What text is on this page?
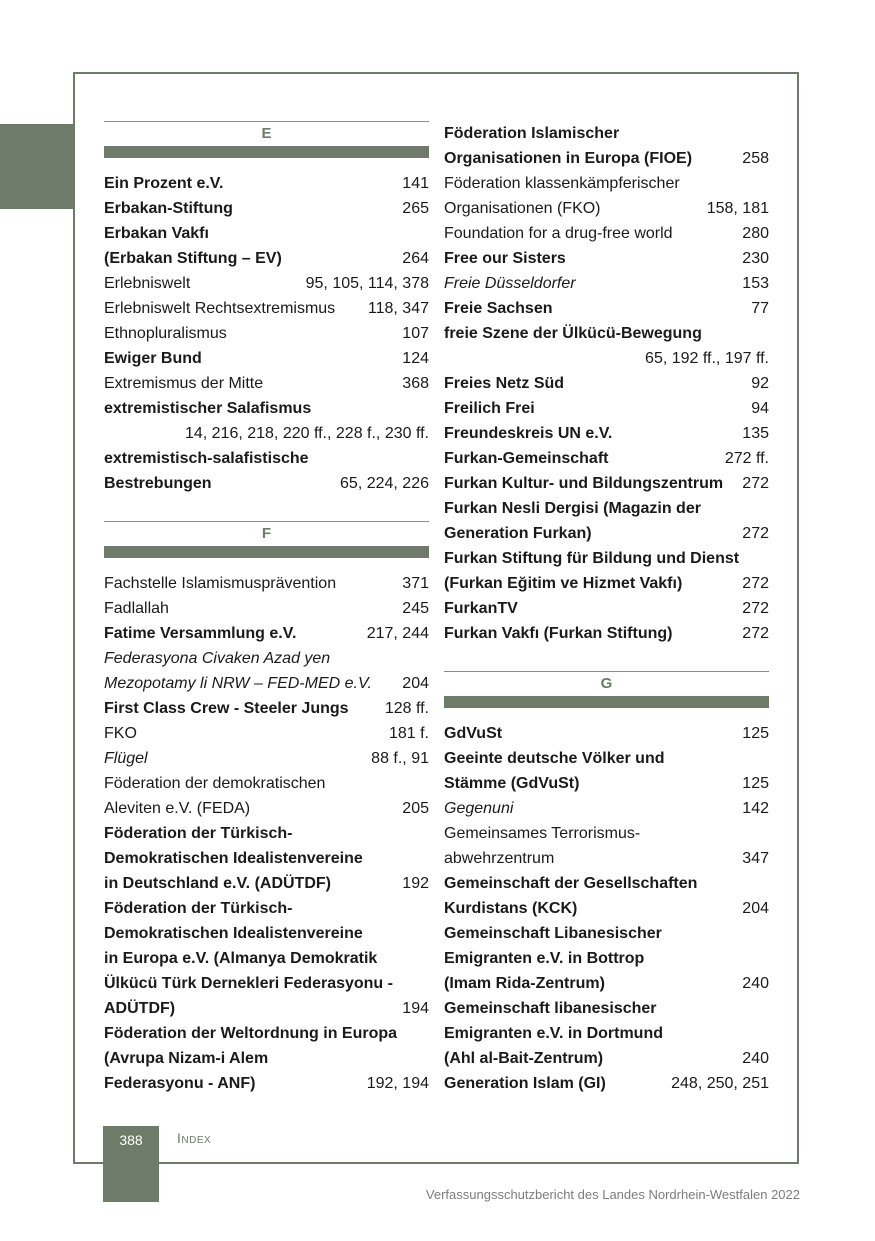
E
Ein Prozent e.V.	141
Erbakan-Stiftung	265
Erbakan Vakfı
(Erbakan Stiftung – EV)	264
Erlebniswelt	95, 105, 114, 378
Erlebniswelt Rechtsextremismus 118, 347
Ethnopluralismus	107
Ewiger Bund	124
Extremismus der Mitte	368
extremistischer Salafismus
14, 216, 218, 220 ff., 228 f., 230 ff.
extremistisch-salafistische
Bestrebungen	65, 224, 226
F
Fachstelle Islamismusprävention	371
Fadlallah	245
Fatime Versammlung e.V.	217, 244
Federasyona Civaken Azad yen
Mezopotamy li NRW – FED-MED e.V. 204
First Class Crew - Steeler Jungs 128 ff.
FKO	181 f.
Flügel	88 f., 91
Föderation der demokratischen
Aleviten e.V. (FEDA)	205
Föderation der Türkisch-
Demokratischen Idealistenvereine
in Deutschland e.V. (ADÜTDF)	192
Föderation der Türkisch-
Demokratischen Idealistenvereine
in Europa e.V. (Almanya Demokratik
Ülkücü Türk Dernekleri Federasyonu -
ADÜTDF)	194
Föderation der Weltordnung in Europa
(Avrupa Nizam-i Alem
Federasyonu - ANF)	192, 194
Föderation Islamischer
Organisationen in Europa (FIOE)	258
Föderation klassenkämpferischer
Organisationen (FKO)	158, 181
Foundation for a drug-free world	280
Free our Sisters	230
Freie Düsseldorfer	153
Freie Sachsen	77
freie Szene der Ülkücü-Bewegung
65, 192 ff., 197 ff.
Freies Netz Süd	92
Freilich Frei	94
Freundeskreis UN e.V.	135
Furkan-Gemeinschaft	272 ff.
Furkan Kultur- und Bildungszentrum 272
Furkan Nesli Dergisi (Magazin der
Generation Furkan)	272
Furkan Stiftung für Bildung und Dienst
(Furkan Eğitim ve Hizmet Vakfı)	272
FurkanTV	272
Furkan Vakfı (Furkan Stiftung)	272
G
GdVuSt	125
Geeinte deutsche Völker und
Stämme (GdVuSt)	125
Gegenuni	142
Gemeinsames Terrorismus-
abwehrzentrum	347
Gemeinschaft der Gesellschaften
Kurdistans (KCK)	204
Gemeinschaft Libanesischer
Emigranten e.V. in Bottrop
(Imam Rida-Zentrum)	240
Gemeinschaft libanesischer
Emigranten e.V. in Dortmund
(Ahl al-Bait-Zentrum)	240
Generation Islam (GI)	248, 250, 251
388	Index
Verfassungsschutzbericht des Landes Nordrhein-Westfalen 2022
